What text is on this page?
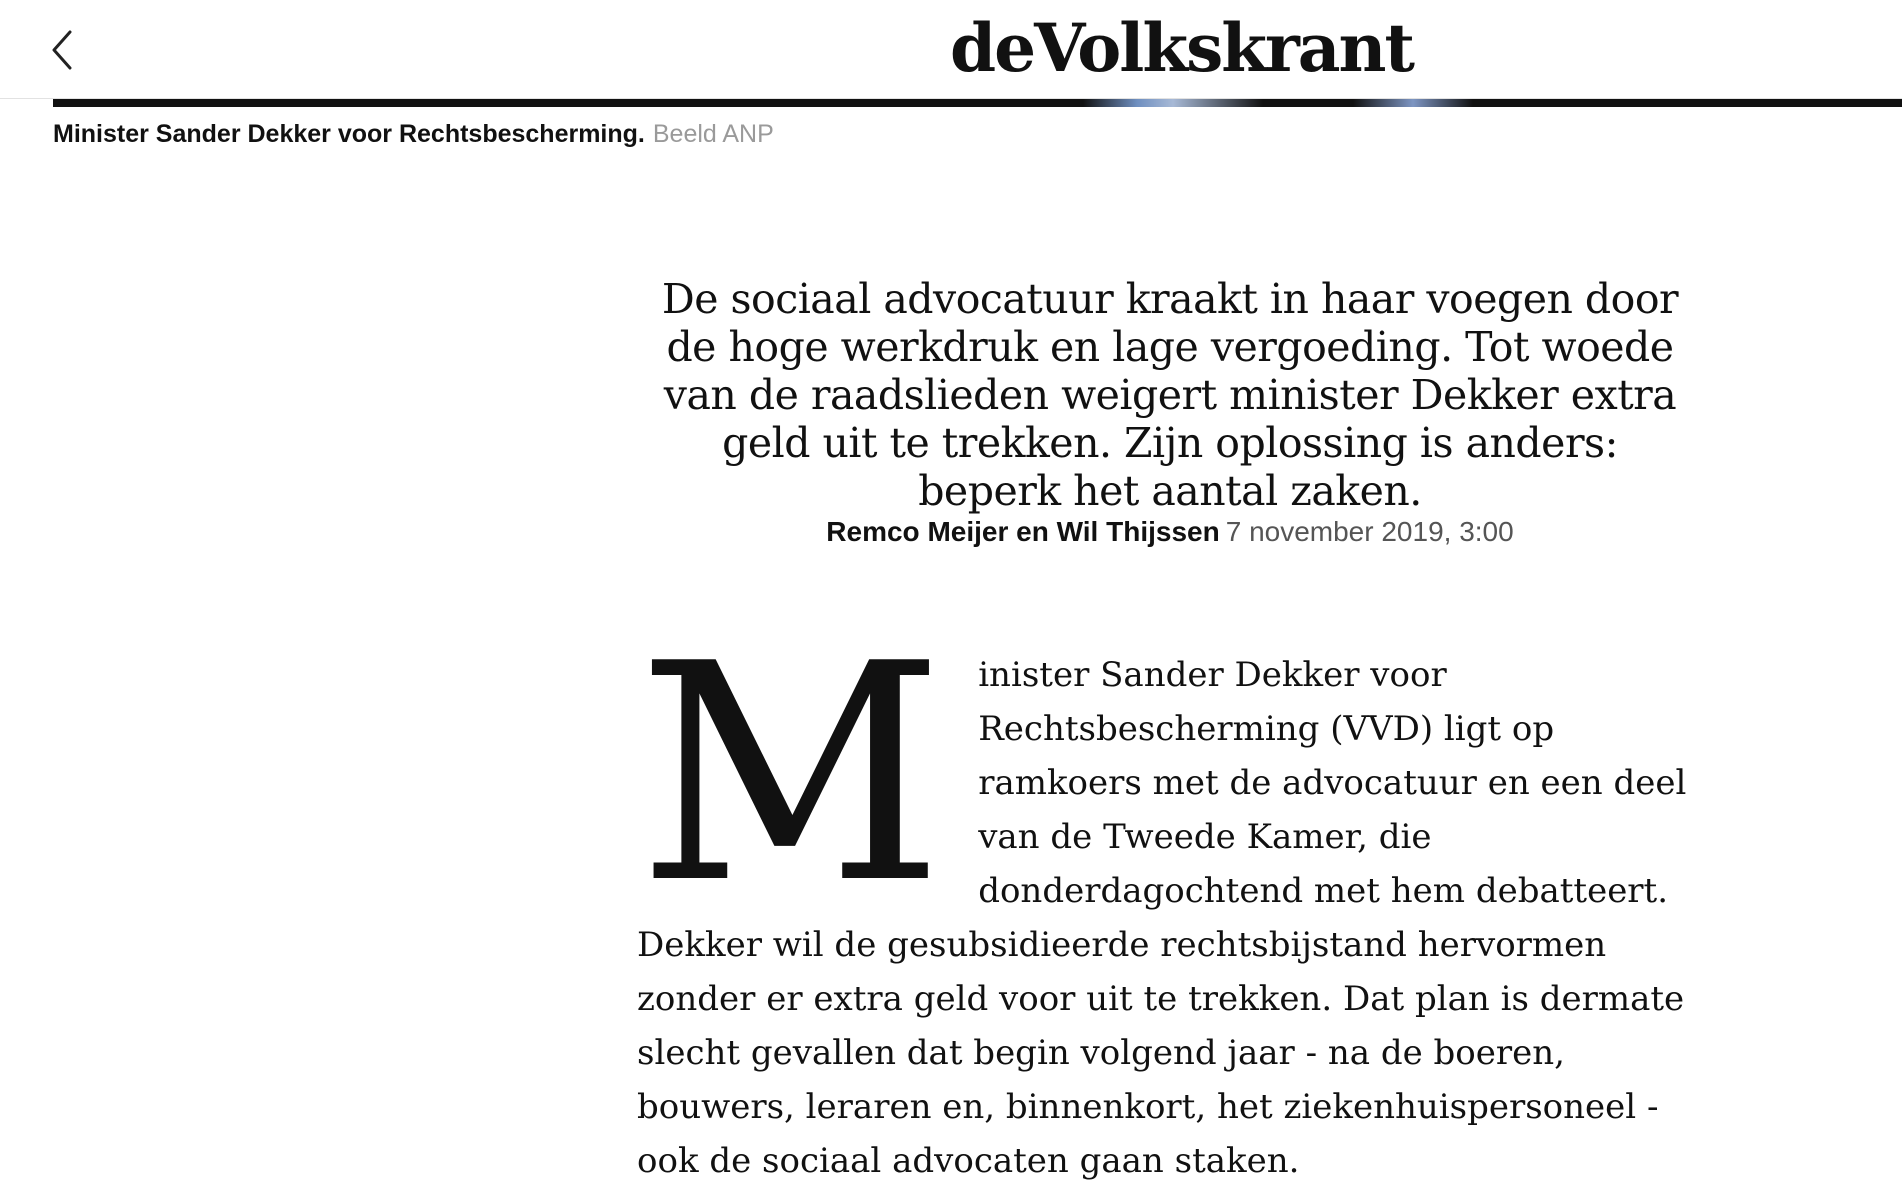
deVolkskrant
Minister Sander Dekker voor Rechtsbescherming. Beeld ANP

De sociaal advocatuur kraakt in haar voegen door de hoge werkdruk en lage vergoeding. Tot woede van de raadslieden weigert minister Dekker extra geld uit te trekken. Zijn oplossing is anders: beperk het aantal zaken.

Remco Meijer en Wil Thijssen 7 november 2019, 3:00
M inister Sander Dekker voor Rechtsbescherming (VVD) ligt op ramkoers met de advocatuur en een deel van de Tweede Kamer, die donderdagochtend met hem debatteert. Dekker wil de gesubsidieerde rechtsbijstand hervormen zonder er extra geld voor uit te trekken. Dat plan is dermate slecht gevallen dat begin volgend jaar - na de boeren, bouwers, leraren en, binnenkort, het ziekenhuispersoneel - ook de sociaal advocaten gaan staken.
